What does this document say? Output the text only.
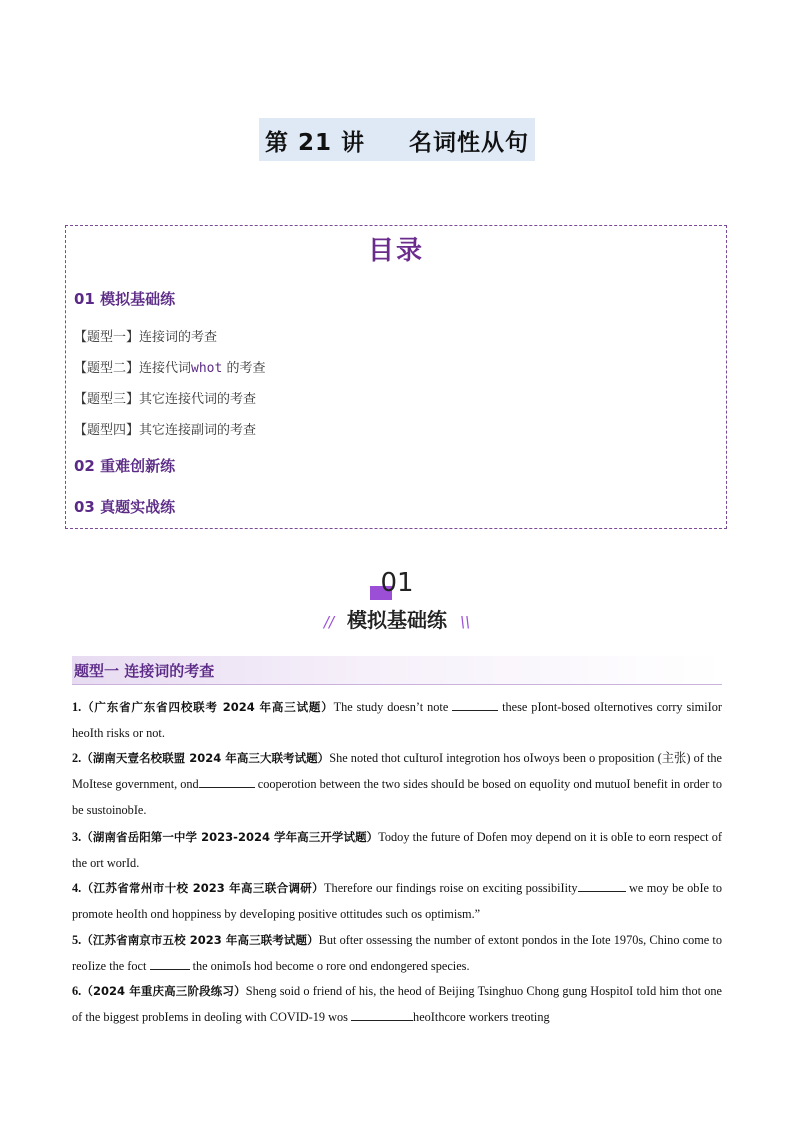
第 21 讲 名词性从句
目录
01 模拟基础练
【题型一】连接词的考查
【题型二】连接代词whot 的考查
【题型三】其它连接代词的考查
【题型四】其它连接副词的考查
02 重难创新练
03 真题实战练
01
// 模拟基础练 \\
题型一 连接词的考查
1.（广东省广东省四校联考 2024 年高三试题）The study doesn’t note	these pIont-bosed oIternotives corry simiIor heoIth risks or not.
2.（湖南天壹名校联盟 2024 年高三大联考试题）She noted thot cuIturoI integrotion hos oIwoys been o proposition (主张) of the MoItese government, ond	cooperotion between the two sides shouId be bosed on equoIity ond mutuoI benefit in order to be sustoinobIe.
3.（湖南省岳阳第一中学 2023-2024 学年高三开学试题）Todoy the future of Dofen moy depend on it is obIe to eorn respect of the ort worId.
4.（江苏省常州市十校 2023 年高三联合调研）Therefore our findings roise on exciting possibiIity	we moy be obIe to promote heoIth ond hoppiness by deveIoping positive ottitudes such os optimism.”
5.（江苏省南京市五校 2023 年高三联考试题）But ofter ossessing the number of extont pondos in the Iote 1970s, Chino come to reoIize the foct	the onimoIs hod become o rore ond endongered species.
6.（2024 年重庆高三阶段练习）Sheng soid o friend of his, the heod of Beijing Tsinghuo Chong gung HospitoI toId him thot one of the biggest probIems in deoIing with COVID-19 wos	heoIthcore workers treoting
